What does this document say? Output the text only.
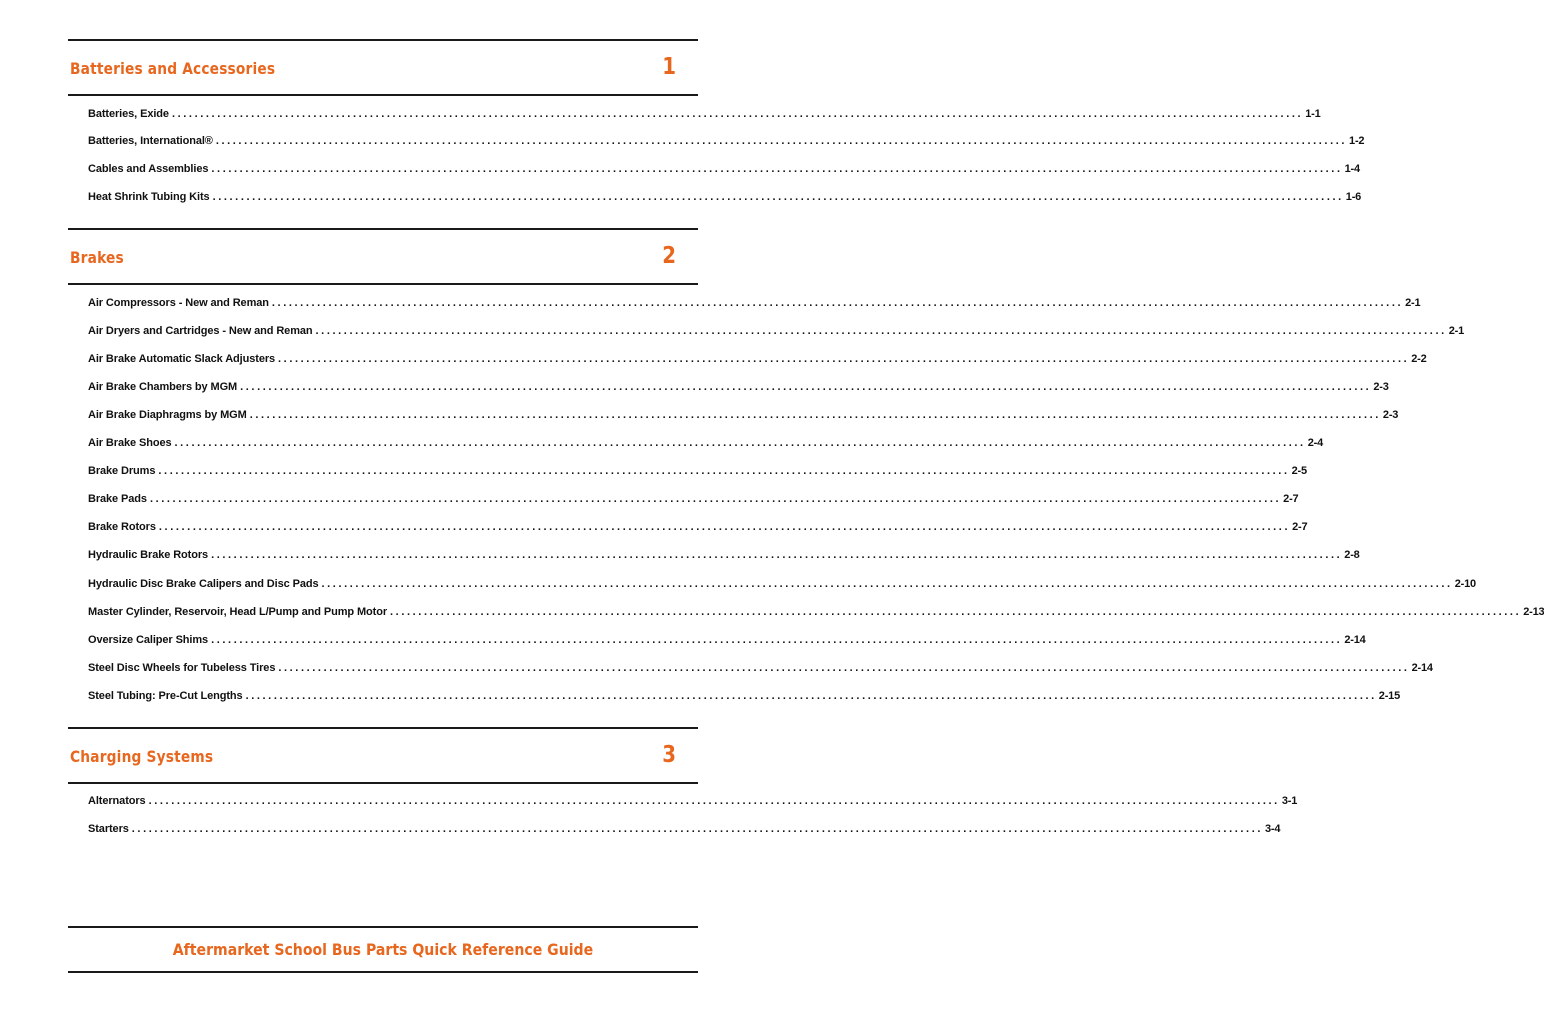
Batteries and Accessories	1
Batteries, Exide ........................................................................................................................................................................................................ 1-1
Batteries, International® ........................................................................................................................................................................................................ 1-2
Cables and Assemblies ........................................................................................................................................................................................................ 1-4
Heat Shrink Tubing Kits ........................................................................................................................................................................................................ 1-6
Brakes	2
Air Compressors - New and Reman ........................................................................................................................................................................................................ 2-1
Air Dryers and Cartridges - New and Reman ........................................................................................................................................................................................................ 2-1
Air Brake Automatic Slack Adjusters ........................................................................................................................................................................................................ 2-2
Air Brake Chambers by MGM ........................................................................................................................................................................................................ 2-3
Air Brake Diaphragms by MGM ........................................................................................................................................................................................................ 2-3
Air Brake Shoes ........................................................................................................................................................................................................ 2-4
Brake Drums ........................................................................................................................................................................................................ 2-5
Brake Pads ........................................................................................................................................................................................................ 2-7
Brake Rotors ........................................................................................................................................................................................................ 2-7
Hydraulic Brake Rotors ........................................................................................................................................................................................................ 2-8
Hydraulic Disc Brake Calipers and Disc Pads ........................................................................................................................................................................................................ 2-10
Master Cylinder, Reservoir, Head L/Pump and Pump Motor ........................................................................................................................................................................................................ 2-13
Oversize Caliper Shims ........................................................................................................................................................................................................ 2-14
Steel Disc Wheels for Tubeless Tires ........................................................................................................................................................................................................ 2-14
Steel Tubing: Pre-Cut Lengths ........................................................................................................................................................................................................ 2-15
Charging Systems	3
Alternators ........................................................................................................................................................................................................ 3-1
Starters ........................................................................................................................................................................................................ 3-4
Aftermarket School Bus Parts Quick Reference Guide
